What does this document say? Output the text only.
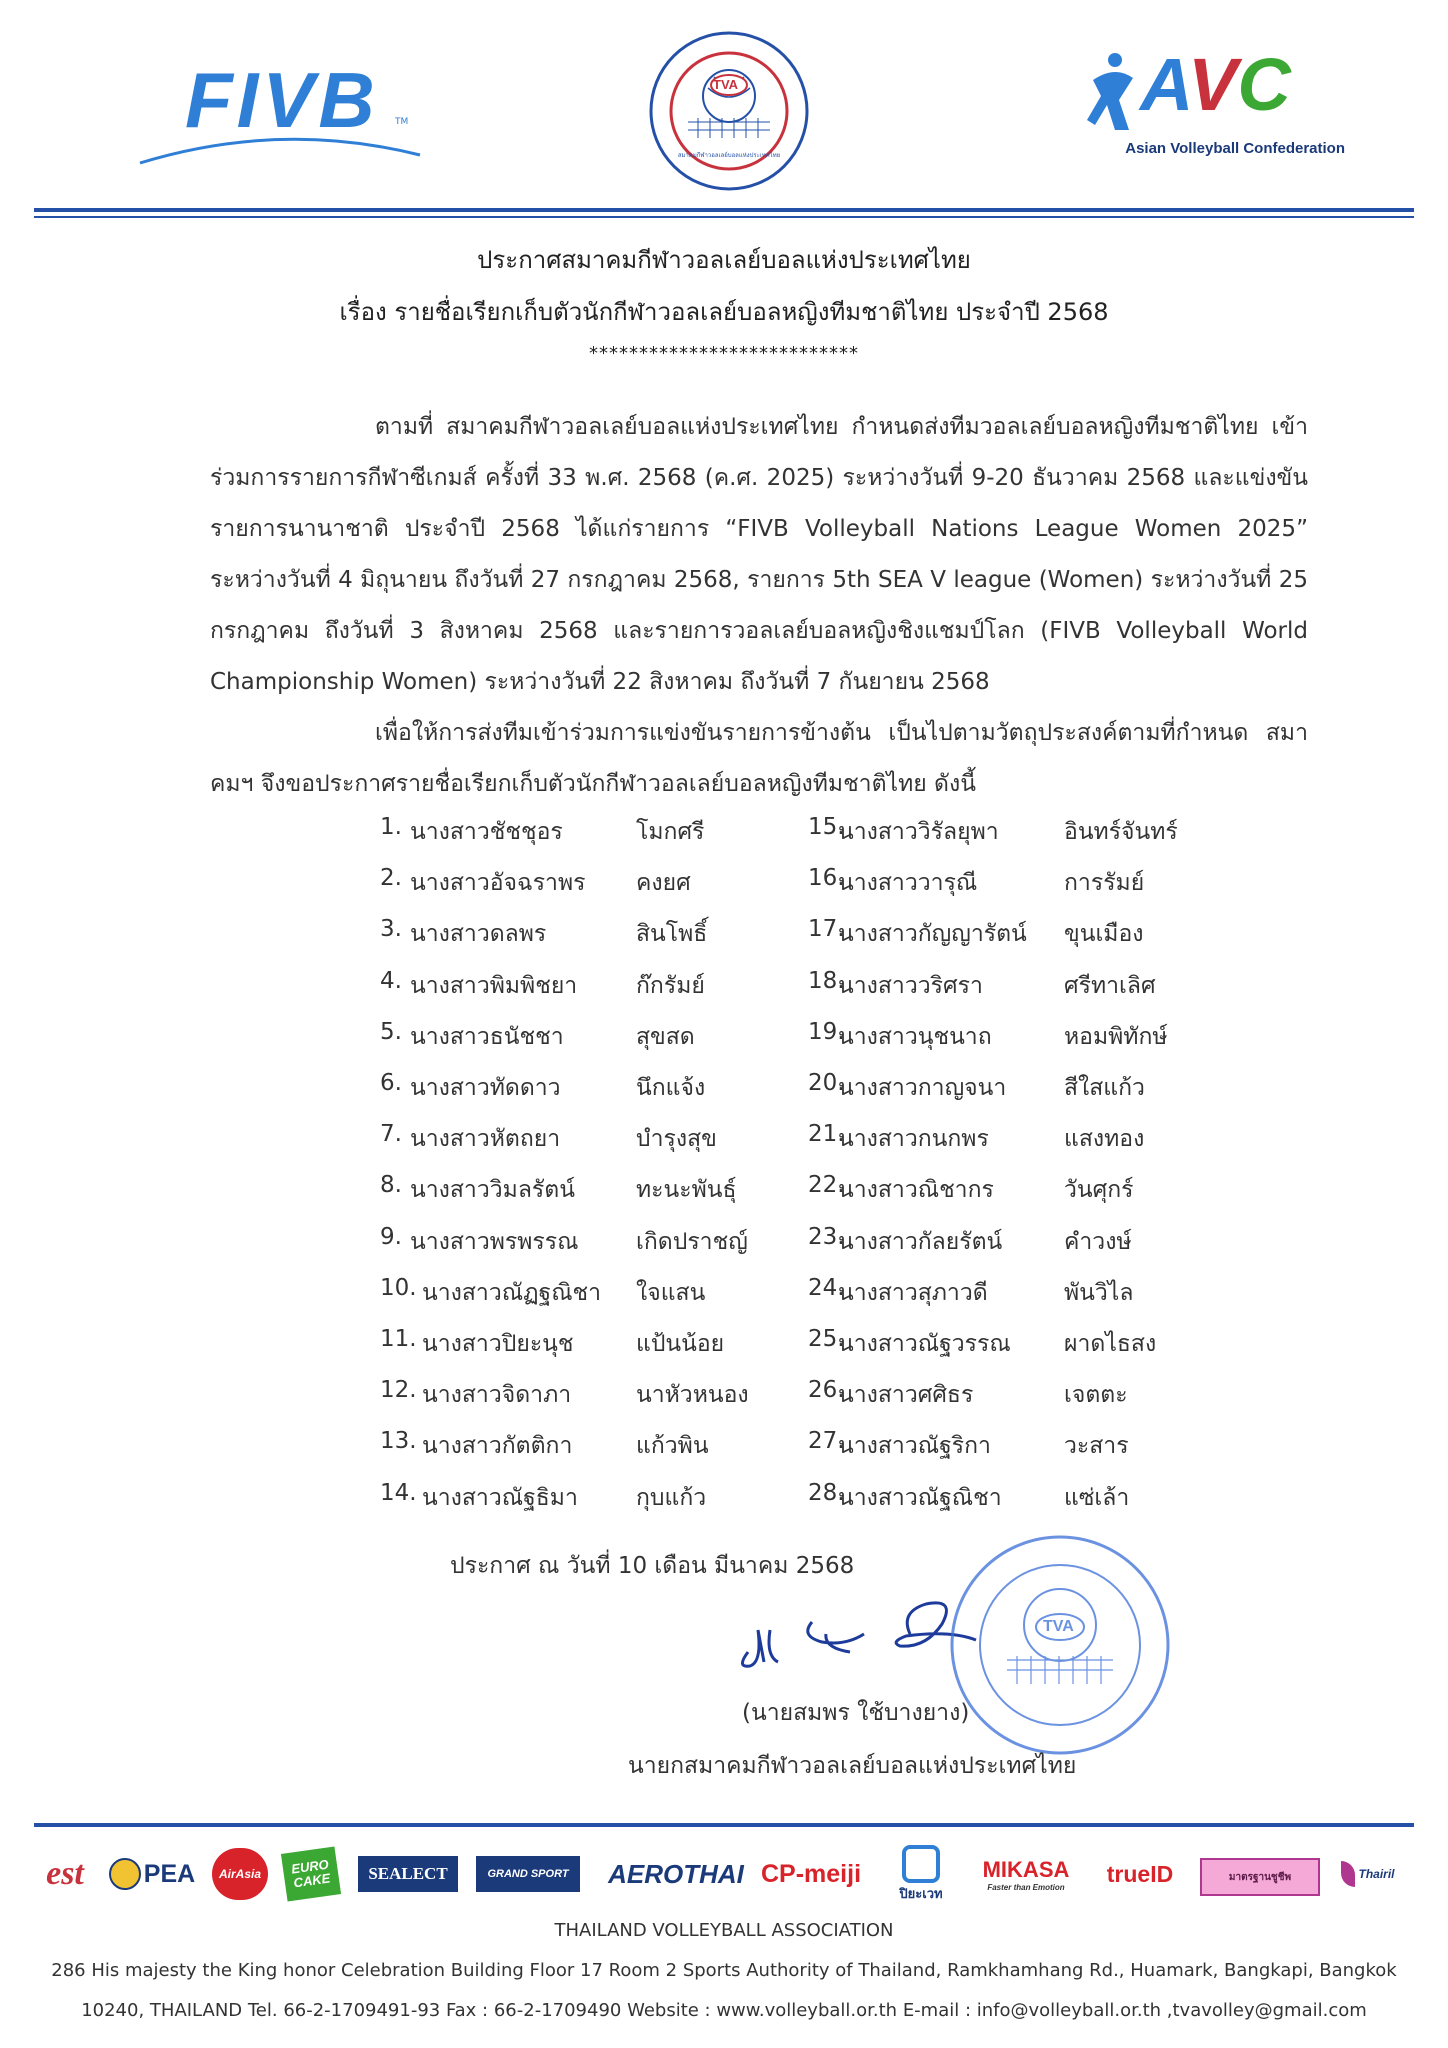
FIVB TM
TVA
สมาคมกีฬาวอลเลย์บอลแห่งประเทศไทย
AVC
Asian Volleyball Confederation
ประกาศสมาคมกีฬาวอลเลย์บอลแห่งประเทศไทย
เรื่อง รายชื่อเรียกเก็บตัวนักกีฬาวอลเลย์บอลหญิงทีมชาติไทย ประจำปี 2568
***************************
ตามที่ สมาคมกีฬาวอลเลย์บอลแห่งประเทศไทย กำหนดส่งทีมวอลเลย์บอลหญิงทีมชาติไทย เข้าร่วมการรายการกีฬาซีเกมส์ ครั้งที่ 33 พ.ศ. 2568 (ค.ศ. 2025) ระหว่างวันที่ 9-20 ธันวาคม 2568 และแข่งขันรายการนานาชาติ ประจำปี 2568 ได้แก่รายการ “FIVB Volleyball Nations League Women 2025” ระหว่างวันที่ 4 มิถุนายน ถึงวันที่ 27 กรกฎาคม 2568, รายการ 5th SEA V league (Women) ระหว่างวันที่ 25 กรกฎาคม ถึงวันที่ 3 สิงหาคม 2568 และรายการวอลเลย์บอลหญิงชิงแชมป์โลก (FIVB Volleyball World Championship Women) ระหว่างวันที่ 22 สิงหาคม ถึงวันที่ 7 กันยายน 2568
เพื่อให้การส่งทีมเข้าร่วมการแข่งขันรายการข้างต้น เป็นไปตามวัตถุประสงค์ตามที่กำหนด สมาคมฯ จึงขอประกาศรายชื่อเรียกเก็บตัวนักกีฬาวอลเลย์บอลหญิงทีมชาติไทย ดังนี้
1. นางสาวชัชชุอร	โมกศรี
2. นางสาวอัจฉราพร คงยศ
3. นางสาวดลพร	สินโพธิ์
4. นางสาวพิมพิชยา	ก๊กรัมย์
5. นางสาวธนัชชา	สุขสด
6. นางสาวทัดดาว	นึกแจ้ง
7. นางสาวหัตถยา	บำรุงสุข
8. นางสาววิมลรัตน์	ทะนะพันธุ์
9. นางสาวพรพรรณ	เกิดปราชญ์
10. นางสาวณัฏฐณิชา ใจแสน
11. นางสาวปิยะนุช	แป้นน้อย
12. นางสาวจิดาภา	นาหัวหนอง
13. นางสาวกัตติกา	แก้วพิน
14. นางสาวณัฐธิมา	กุบแก้ว
15.
นางสาววิรัลยุพา	อินทร์จันทร์
16.
นางสาววารุณี	การรัมย์
17.
นางสาวกัญญารัตน์ ขุนเมือง
18.
นางสาววริศรา	ศรีทาเลิศ
19.
นางสาวนุชนาถ	หอมพิทักษ์
20.
นางสาวกาญจนา	สีใสแก้ว
21.
นางสาวกนกพร	แสงทอง
22.
นางสาวณิชากร	วันศุกร์
23.
นางสาวกัลยรัตน์	คำวงษ์
24.
นางสาวสุภาวดี	พันวิไล
25.
นางสาวณัฐวรรณ ผาดไธสง
26.
นางสาวศศิธร	เจตตะ
27.
นางสาวณัฐริกา	วะสาร
28.
นางสาวณัฐณิชา	แซ่เล้า
ประกาศ ณ วันที่ 10 เดือน มีนาคม 2568
TVA
(นายสมพร ใช้บางยาง)
นายกสมาคมกีฬาวอลเลย์บอลแห่งประเทศไทย
est	PEA	AirAsia	EURO CAKE	SEALECT	GRAND SPORT	AEROTHAI CP-meiji
ปิยะเวท
MIKASA
Faster than Emotion
trueID	มาตรฐานชูชีพ	Thairil
THAILAND VOLLEYBALL ASSOCIATION
286 His majesty the King honor Celebration Building Floor 17 Room 2 Sports Authority of Thailand, Ramkhamhang Rd., Huamark, Bangkapi, Bangkok
10240, THAILAND Tel. 66-2-1709491-93 Fax : 66-2-1709490 Website : www.volleyball.or.th E-mail : info@volleyball.or.th ,tvavolley@gmail.com
